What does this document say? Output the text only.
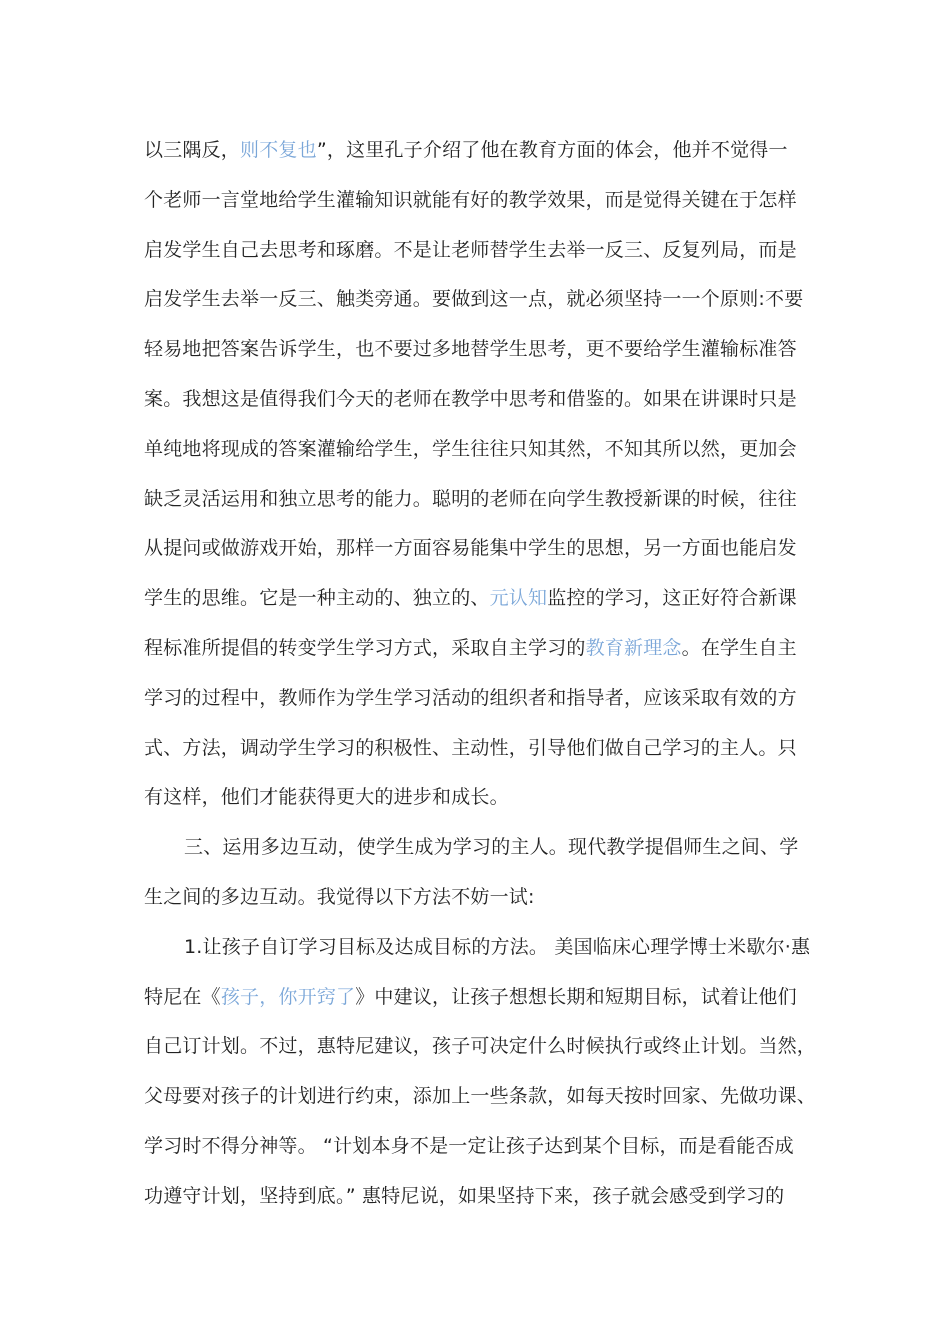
以三隅反，则不复也”，这里孔子介绍了他在教育方面的体会，他并不觉得一
个老师一言堂地给学生灌输知识就能有好的教学效果，而是觉得关键在于怎样
启发学生自己去思考和琢磨。不是让老师替学生去举一反三、反复列局，而是
启发学生去举一反三、触类旁通。要做到这一点，就必须坚持一一个原则:不要
轻易地把答案告诉学生，也不要过多地替学生思考，更不要给学生灌输标准答
案。我想这是值得我们今天的老师在教学中思考和借鉴的。如果在讲课时只是
单纯地将现成的答案灌输给学生，学生往往只知其然，不知其所以然，更加会
缺乏灵活运用和独立思考的能力。聪明的老师在向学生教授新课的时候，往往
从提问或做游戏开始，那样一方面容易能集中学生的思想，另一方面也能启发
学生的思维。它是一种主动的、独立的、元认知监控的学习，这正好符合新课
程标准所提倡的转变学生学习方式，采取自主学习的教育新理念。在学生自主
学习的过程中，教师作为学生学习活动的组织者和指导者，应该采取有效的方
式、方法，调动学生学习的积极性、主动性，引导他们做自己学习的主人。只
有这样，他们才能获得更大的进步和成长。
三、运用多边互动，使学生成为学习的主人。现代教学提倡师生之间、学
生之间的多边互动。我觉得以下方法不妨一试:
1.让孩子自订学习目标及达成目标的方法。 美国临床心理学博士米歇尔·惠
特尼在《孩子，你开窍了》中建议，让孩子想想长期和短期目标，试着让他们
自己订计划。不过，惠特尼建议，孩子可决定什么时候执行或终止计划。当然，
父母要对孩子的计划进行约束，添加上一些条款，如每天按时回家、先做功课、
学习时不得分神等。 “计划本身不是一定让孩子达到某个目标，而是看能否成
功遵守计划，坚持到底。” 惠特尼说，如果坚持下来，孩子就会感受到学习的
